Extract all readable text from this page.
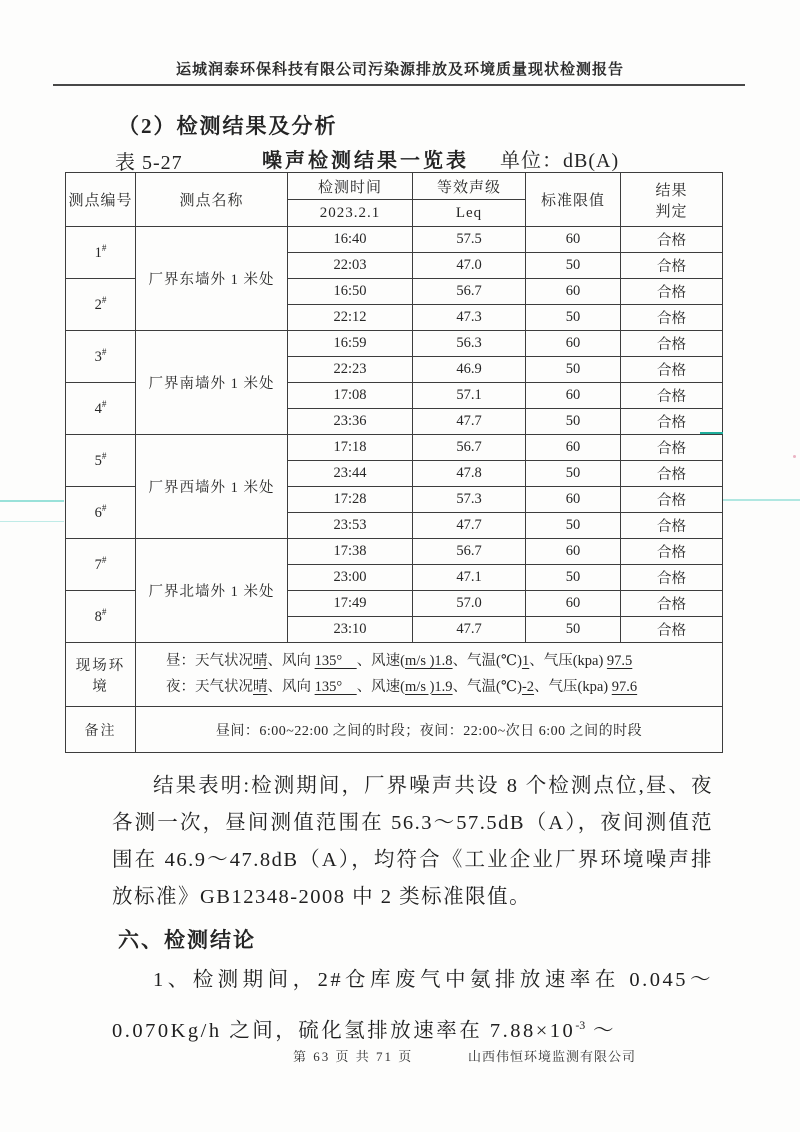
运城润泰环保科技有限公司污染源排放及环境质量现状检测报告
（2）检测结果及分析
表 5-27	噪声检测结果一览表 单位：dB(A)
测点编号	测点名称	检测时间	等效声级	标准限值	结果
判定

		2023.2.1	Leq		
1#	厂界东墙外 1 米处	16:40	57.5	60	合格
		22:03	47.0	50	合格
2#		16:50	56.7	60	合格
		22:12	47.3	50	合格
3#	厂界南墙外 1 米处	16:59	56.3	60	合格
		22:23	46.9	50	合格
4#		17:08	57.1	60	合格
		23:36	47.7	50	合格
5#	厂界西墙外 1 米处	17:18	56.7	60	合格
		23:44	47.8	50	合格
6#		17:28	57.3	60	合格
		23:53	47.7	50	合格
7#	厂界北墙外 1 米处	17:38	56.7	60	合格
		23:00	47.1	50	合格
8#		17:49	57.0	60	合格
		23:10	47.7	50	合格
现场环境	昼：天气状况晴、风向 135°　、风速(m/s )1.8、气温(℃)1、气压(kpa) 97.5
夜：天气状况晴、风向 135°　、风速(m/s )1.9、气温(℃)-2、气压(kpa) 97.6				

备注	昼间：6:00~22:00 之间的时段；夜间：22:00~次日 6:00 之间的时段				

结果表明:检测期间，厂界噪声共设 8 个检测点位,昼、夜各测一次，昼间测值范围在 56.3～57.5dB（A），夜间测值范围在 46.9～47.8dB（A），均符合《工业企业厂界环境噪声排放标准》GB12348-2008 中 2 类标准限值。

六、检测结论

1、检测期间，2#仓库废气中氨排放速率在 0.045～0.070Kg/h 之间，硫化氢排放速率在 $7.88\times 10^{-3}$ ～

第 63 页 共 71 页	山西伟恒环境监测有限公司
